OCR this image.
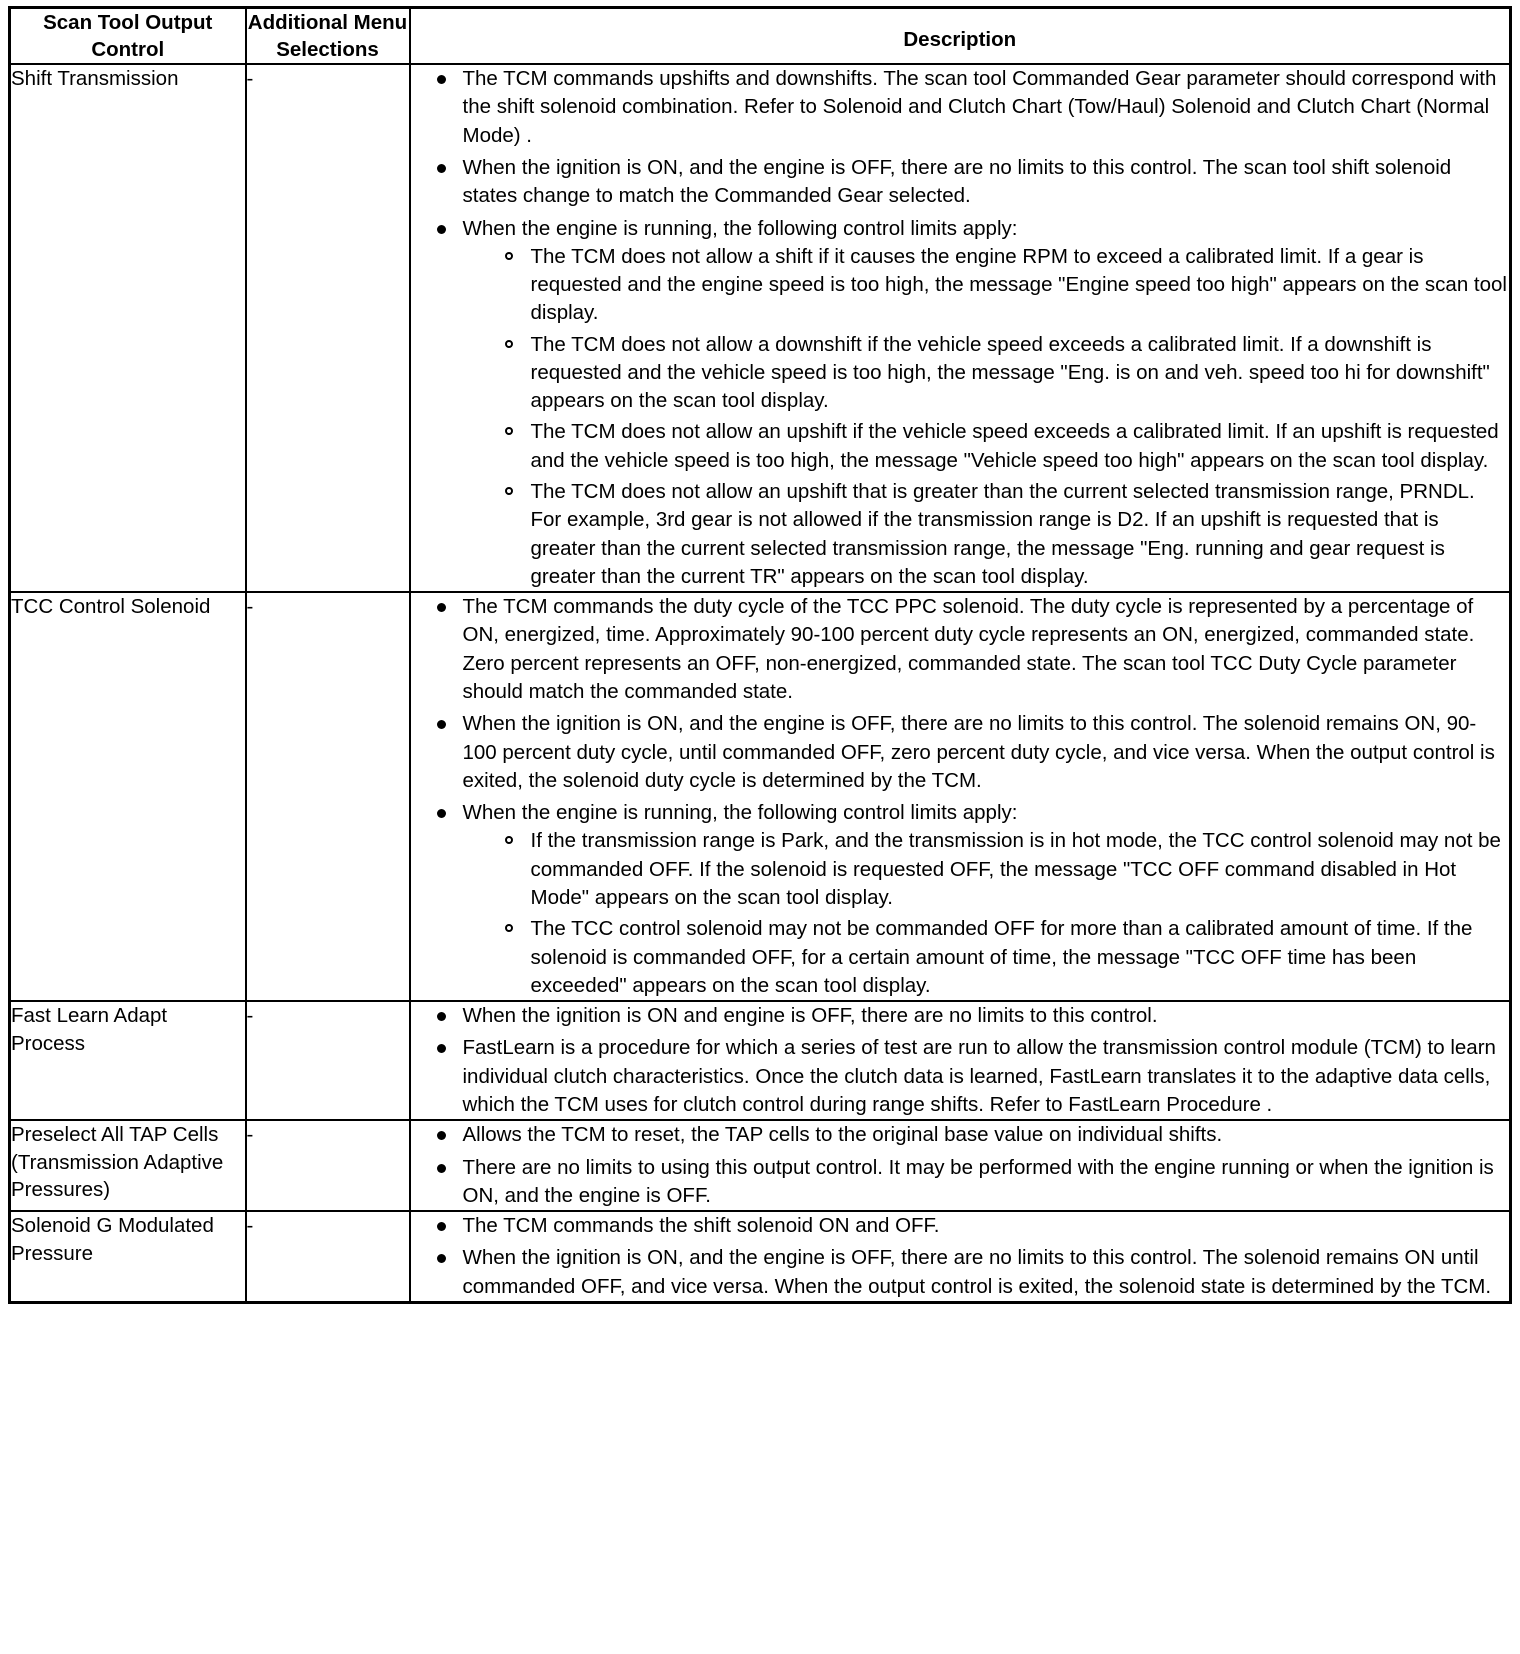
Scan Tool Output Control	Additional Menu Selections	Description
Shift Transmission	-	The TCM commands upshifts and downshifts. The scan tool Commanded Gear parameter should correspond with the shift solenoid combination. Refer to Solenoid and Clutch Chart (Tow/Haul) Solenoid and Clutch Chart (Normal Mode) .
When the ignition is ON, and the engine is OFF, there are no limits to this control. The scan tool shift solenoid states change to match the Commanded Gear selected.
When the engine is running, the following control limits apply:
The TCM does not allow a shift if it causes the engine RPM to exceed a calibrated limit. If a gear is requested and the engine speed is too high, the message "Engine speed too high" appears on the scan tool display.
The TCM does not allow a downshift if the vehicle speed exceeds a calibrated limit. If a downshift is requested and the vehicle speed is too high, the message "Eng. is on and veh. speed too hi for downshift" appears on the scan tool display.
The TCM does not allow an upshift if the vehicle speed exceeds a calibrated limit. If an upshift is requested and the vehicle speed is too high, the message "Vehicle speed too high" appears on the scan tool display.
The TCM does not allow an upshift that is greater than the current selected transmission range, PRNDL. For example, 3rd gear is not allowed if the transmission range is D2. If an upshift is requested that is greater than the current selected transmission range, the message "Eng. running and gear request is greater than the current TR" appears on the scan tool display.

TCC Control Solenoid	-	The TCM commands the duty cycle of the TCC PPC solenoid. The duty cycle is represented by a percentage of ON, energized, time. Approximately 90-100 percent duty cycle represents an ON, energized, commanded state. Zero percent represents an OFF, non-energized, commanded state. The scan tool TCC Duty Cycle parameter should match the commanded state.
When the ignition is ON, and the engine is OFF, there are no limits to this control. The solenoid remains ON, 90-100 percent duty cycle, until commanded OFF, zero percent duty cycle, and vice versa. When the output control is exited, the solenoid duty cycle is determined by the TCM.
When the engine is running, the following control limits apply:
If the transmission range is Park, and the transmission is in hot mode, the TCC control solenoid may not be commanded OFF. If the solenoid is requested OFF, the message "TCC OFF command disabled in Hot Mode" appears on the scan tool display.
The TCC control solenoid may not be commanded OFF for more than a calibrated amount of time. If the solenoid is commanded OFF, for a certain amount of time, the message "TCC OFF time has been exceeded" appears on the scan tool display.

Fast Learn Adapt Process	-	When the ignition is ON and engine is OFF, there are no limits to this control.
FastLearn is a procedure for which a series of test are run to allow the transmission control module (TCM) to learn individual clutch characteristics. Once the clutch data is learned, FastLearn translates it to the adaptive data cells, which the TCM uses for clutch control during range shifts. Refer to FastLearn Procedure .

Preselect All TAP Cells (Transmission Adaptive Pressures)	-	Allows the TCM to reset, the TAP cells to the original base value on individual shifts.
There are no limits to using this output control. It may be performed with the engine running or when the ignition is ON, and the engine is OFF.

Solenoid G Modulated Pressure	-	The TCM commands the shift solenoid ON and OFF.
When the ignition is ON, and the engine is OFF, there are no limits to this control. The solenoid remains ON until commanded OFF, and vice versa. When the output control is exited, the solenoid state is determined by the TCM.
